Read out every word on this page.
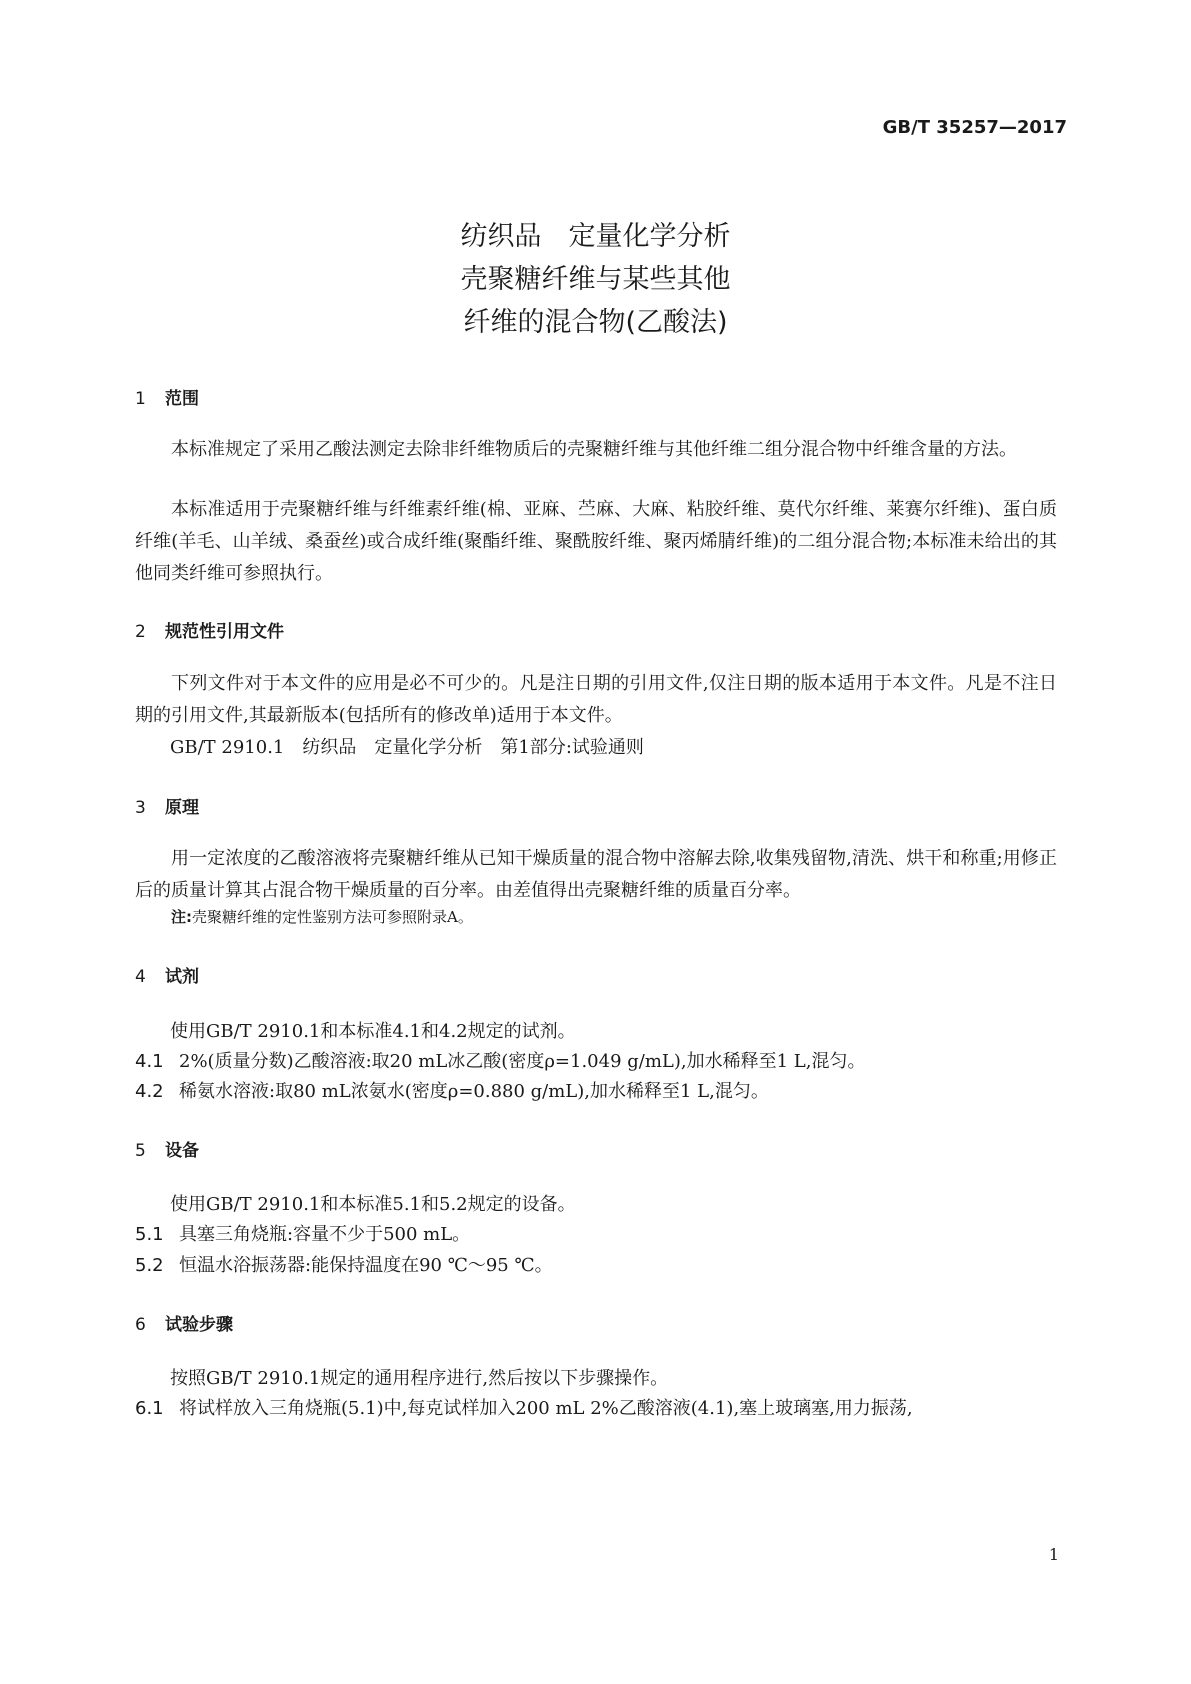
GB/T 35257—2017
纺织品　定量化学分析
壳聚糖纤维与某些其他
纤维的混合物(乙酸法)
1 范围
本标准规定了采用乙酸法测定去除非纤维物质后的壳聚糖纤维与其他纤维二组分混合物中纤维含量的方法。
本标准适用于壳聚糖纤维与纤维素纤维(棉、亚麻、苎麻、大麻、粘胶纤维、莫代尔纤维、莱赛尔纤维)、蛋白质纤维(羊毛、山羊绒、桑蚕丝)或合成纤维(聚酯纤维、聚酰胺纤维、聚丙烯腈纤维)的二组分混合物;本标准未给出的其他同类纤维可参照执行。
2 规范性引用文件
下列文件对于本文件的应用是必不可少的。凡是注日期的引用文件,仅注日期的版本适用于本文件。凡是不注日期的引用文件,其最新版本(包括所有的修改单)适用于本文件。
GB/T 2910.1　纺织品　定量化学分析　第1部分:试验通则
3 原理
用一定浓度的乙酸溶液将壳聚糖纤维从已知干燥质量的混合物中溶解去除,收集残留物,清洗、烘干和称重;用修正后的质量计算其占混合物干燥质量的百分率。由差值得出壳聚糖纤维的质量百分率。
注:壳聚糖纤维的定性鉴别方法可参照附录A。
4 试剂
使用GB/T 2910.1和本标准4.1和4.2规定的试剂。
4.1 2%(质量分数)乙酸溶液:取20 mL冰乙酸(密度ρ=1.049 g/mL),加水稀释至1 L,混匀。
4.2 稀氨水溶液:取80 mL浓氨水(密度ρ=0.880 g/mL),加水稀释至1 L,混匀。
5 设备
使用GB/T 2910.1和本标准5.1和5.2规定的设备。
5.1 具塞三角烧瓶:容量不少于500 mL。
5.2 恒温水浴振荡器:能保持温度在90 ℃～95 ℃。
6 试验步骤
按照GB/T 2910.1规定的通用程序进行,然后按以下步骤操作。
6.1 将试样放入三角烧瓶(5.1)中,每克试样加入200 mL 2%乙酸溶液(4.1),塞上玻璃塞,用力振荡,
1
